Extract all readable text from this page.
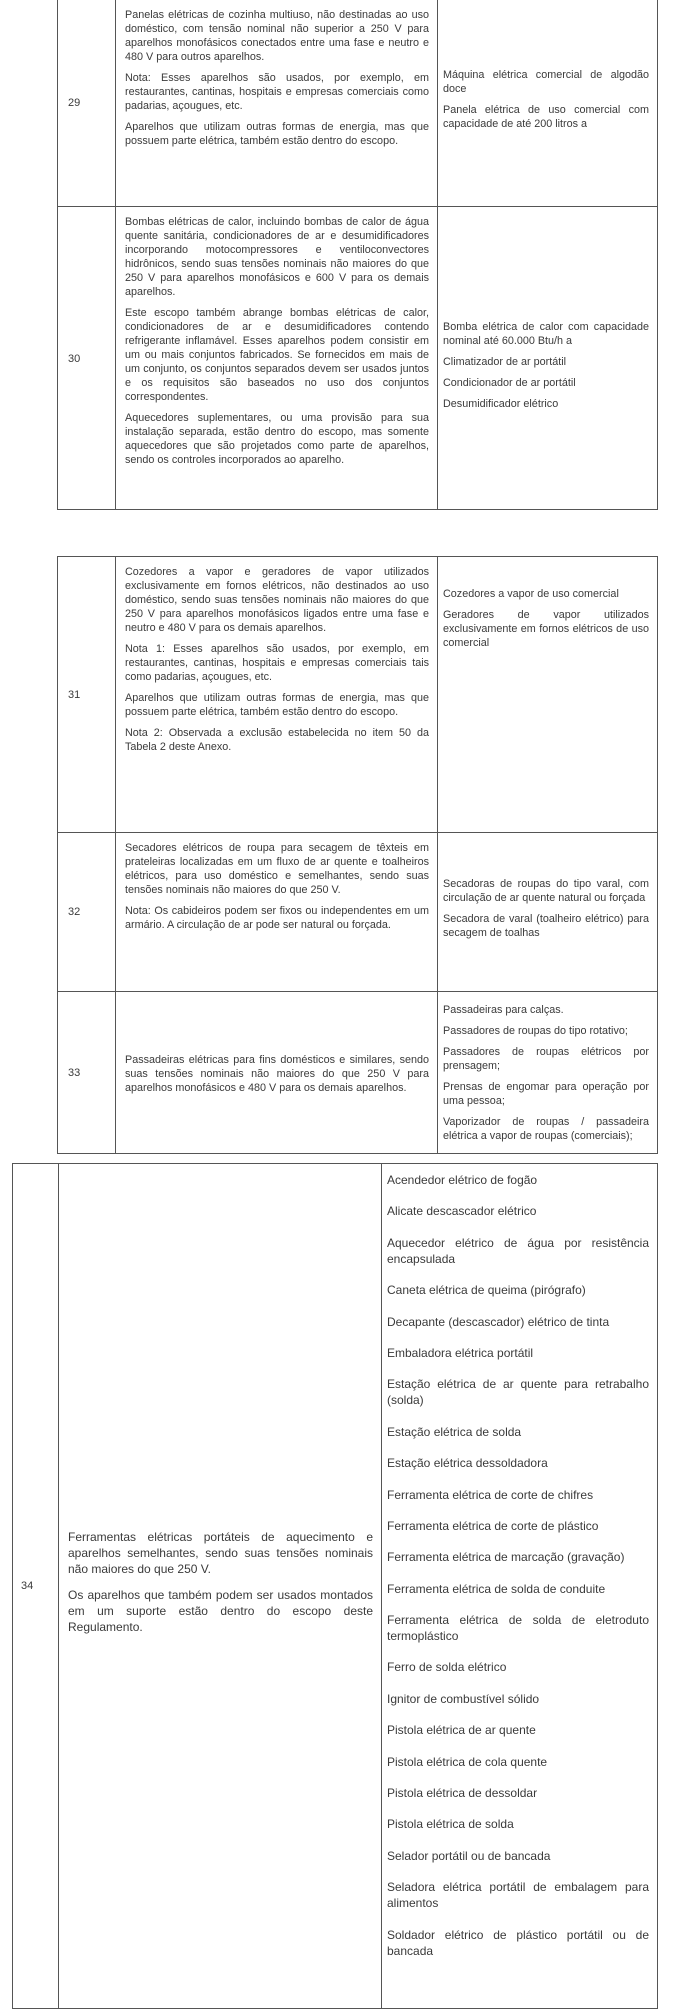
29

Panelas elétricas de cozinha multiuso, não destinadas ao uso doméstico, com tensão nominal não superior a 250 V para aparelhos monofásicos conectados entre uma fase e neutro e 480 V para outros aparelhos.

Nota: Esses aparelhos são usados, por exemplo, em restaurantes, cantinas, hospitais e empresas comerciais como padarias, açougues, etc.

Aparelhos que utilizam outras formas de energia, mas que possuem parte elétrica, também estão dentro do escopo.

Máquina elétrica comercial de algodão doce

Panela elétrica de uso comercial com capacidade de até 200 litros a

30

Bombas elétricas de calor, incluindo bombas de calor de água quente sanitária, condicionadores de ar e desumidificadores incorporando motocompressores e ventiloconvectores hidrônicos, sendo suas tensões nominais não maiores do que 250 V para aparelhos monofásicos e 600 V para os demais aparelhos.

Este escopo também abrange bombas elétricas de calor, condicionadores de ar e desumidificadores contendo refrigerante inflamável. Esses aparelhos podem consistir em um ou mais conjuntos fabricados. Se fornecidos em mais de um conjunto, os conjuntos separados devem ser usados juntos e os requisitos são baseados no uso dos conjuntos correspondentes.

Aquecedores suplementares, ou uma provisão para sua instalação separada, estão dentro do escopo, mas somente aquecedores que são projetados como parte de aparelhos, sendo os controles incorporados ao aparelho.

Bomba elétrica de calor com capacidade nominal até 60.000 Btu/h a

Climatizador de ar portátil

Condicionador de ar portátil

Desumidificador elétrico

31

Cozedores a vapor e geradores de vapor utilizados exclusivamente em fornos elétricos, não destinados ao uso doméstico, sendo suas tensões nominais não maiores do que 250 V para aparelhos monofásicos ligados entre uma fase e neutro e 480 V para os demais aparelhos.

Nota 1: Esses aparelhos são usados, por exemplo, em restaurantes, cantinas, hospitais e empresas comerciais tais como padarias, açougues, etc.

Aparelhos que utilizam outras formas de energia, mas que possuem parte elétrica, também estão dentro do escopo.

Nota 2: Observada a exclusão estabelecida no item 50 da Tabela 2 deste Anexo.

Cozedores a vapor de uso comercial

Geradores de vapor utilizados exclusivamente em fornos elétricos de uso comercial

32

Secadores elétricos de roupa para secagem de têxteis em prateleiras localizadas em um fluxo de ar quente e toalheiros elétricos, para uso doméstico e semelhantes, sendo suas tensões nominais não maiores do que 250 V.

Nota: Os cabideiros podem ser fixos ou independentes em um armário. A circulação de ar pode ser natural ou forçada.

Secadoras de roupas do tipo varal, com circulação de ar quente natural ou forçada

Secadora de varal (toalheiro elétrico) para secagem de toalhas

33

Passadeiras elétricas para fins domésticos e similares, sendo suas tensões nominais não maiores do que 250 V para aparelhos monofásicos e 480 V para os demais aparelhos.

Passadeiras para calças.

Passadores de roupas do tipo rotativo;

Passadores de roupas elétricos por prensagem;

Prensas de engomar para operação por uma pessoa;

Vaporizador de roupas / passadeira elétrica a vapor de roupas (comerciais);

34

Ferramentas elétricas portáteis de aquecimento e aparelhos semelhantes, sendo suas tensões nominais não maiores do que 250 V.

Os aparelhos que também podem ser usados montados em um suporte estão dentro do escopo deste Regulamento.

Acendedor elétrico de fogão

Alicate descascador elétrico

Aquecedor elétrico de água por resistência encapsulada

Caneta elétrica de queima (pirógrafo)

Decapante (descascador) elétrico de tinta

Embaladora elétrica portátil

Estação elétrica de ar quente para retrabalho (solda)

Estação elétrica de solda

Estação elétrica dessoldadora

Ferramenta elétrica de corte de chifres

Ferramenta elétrica de corte de plástico

Ferramenta elétrica de marcação (gravação)

Ferramenta elétrica de solda de conduite

Ferramenta elétrica de solda de eletroduto termoplástico

Ferro de solda elétrico

Ignitor de combustível sólido

Pistola elétrica de ar quente

Pistola elétrica de cola quente

Pistola elétrica de dessoldar

Pistola elétrica de solda

Selador portátil ou de bancada

Seladora elétrica portátil de embalagem para alimentos

Soldador elétrico de plástico portátil ou de bancada
